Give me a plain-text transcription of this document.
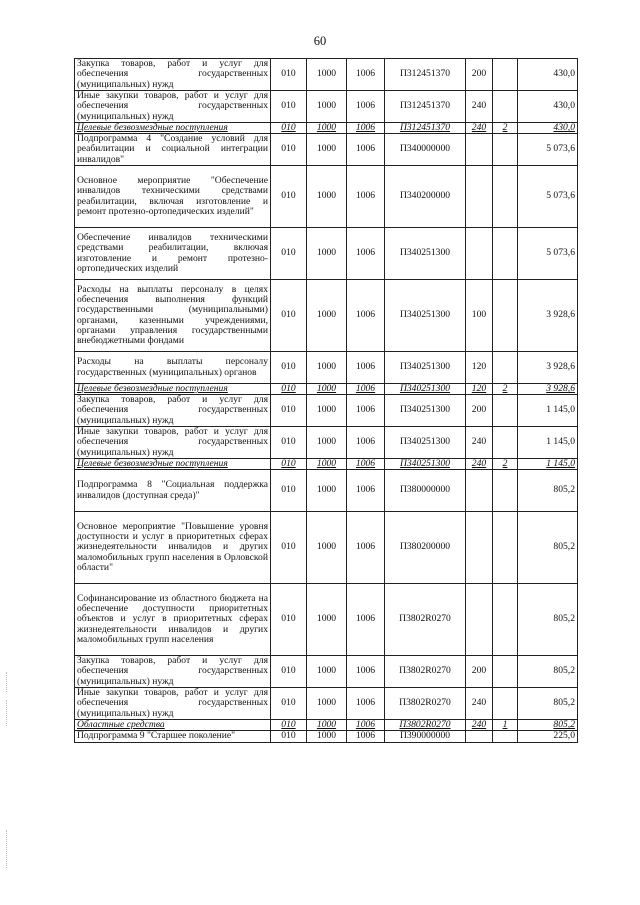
60
Закупка товаров, работ и услуг для обеспечения государственных (муниципальных) нужд	010	1000	1006	П312451370	200		430,0
Иные закупки товаров, работ и услуг для обеспечения государственных (муниципальных) нужд	010	1000	1006	П312451370	240		430,0
Целевые безвозмездные поступления	010	1000	1006	П312451370	240	2	430,0
Подпрограмма 4 "Создание условий для реабилитации и социальной интеграции инвалидов"	010	1000	1006	П340000000			5 073,6
Основное мероприятие "Обеспечение инвалидов техническими средствами реабилитации, включая изготовление и ремонт протезно-ортопедических изделий"	010	1000	1006	П340200000			5 073,6
Обеспечение инвалидов техническими средствами реабилитации, включая изготовление и ремонт протезно-ортопедических изделий	010	1000	1006	П340251300			5 073,6
Расходы на выплаты персоналу в целях обеспечения выполнения функций государственными (муниципальными) органами, казенными учреждениями, органами управления государственными внебюджетными фондами	010	1000	1006	П340251300	100		3 928,6
Расходы на выплаты персоналу государственных (муниципальных) органов	010	1000	1006	П340251300	120		3 928,6
Целевые безвозмездные поступления	010	1000	1006	П340251300	120	2	3 928,6
Закупка товаров, работ и услуг для обеспечения государственных (муниципальных) нужд	010	1000	1006	П340251300	200		1 145,0
Иные закупки товаров, работ и услуг для обеспечения государственных (муниципальных) нужд	010	1000	1006	П340251300	240		1 145,0
Целевые безвозмездные поступления	010	1000	1006	П340251300	240	2	1 145,0
Подпрограмма 8 "Социальная поддержка инвалидов (доступная среда)"	010	1000	1006	П380000000			805,2
Основное мероприятие "Повышение уровня доступности и услуг в приоритетных сферах жизнедеятельности инвалидов и других маломобильных групп населения в Орловской области"	010	1000	1006	П380200000			805,2
Софинансирование из областного бюджета на обеспечение доступности приоритетных объектов и услуг в приоритетных сферах жизнедеятельности инвалидов и других маломобильных групп населения	010	1000	1006	П3802R0270			805,2
Закупка товаров, работ и услуг для обеспечения государственных (муниципальных) нужд	010	1000	1006	П3802R0270	200		805,2
Иные закупки товаров, работ и услуг для обеспечения государственных (муниципальных) нужд	010	1000	1006	П3802R0270	240		805,2
Областные средства	010	1000	1006	П3802R0270	240	1	805,2
Подпрограмма 9 "Старшее поколение"	010	1000	1006	П390000000			225,0
